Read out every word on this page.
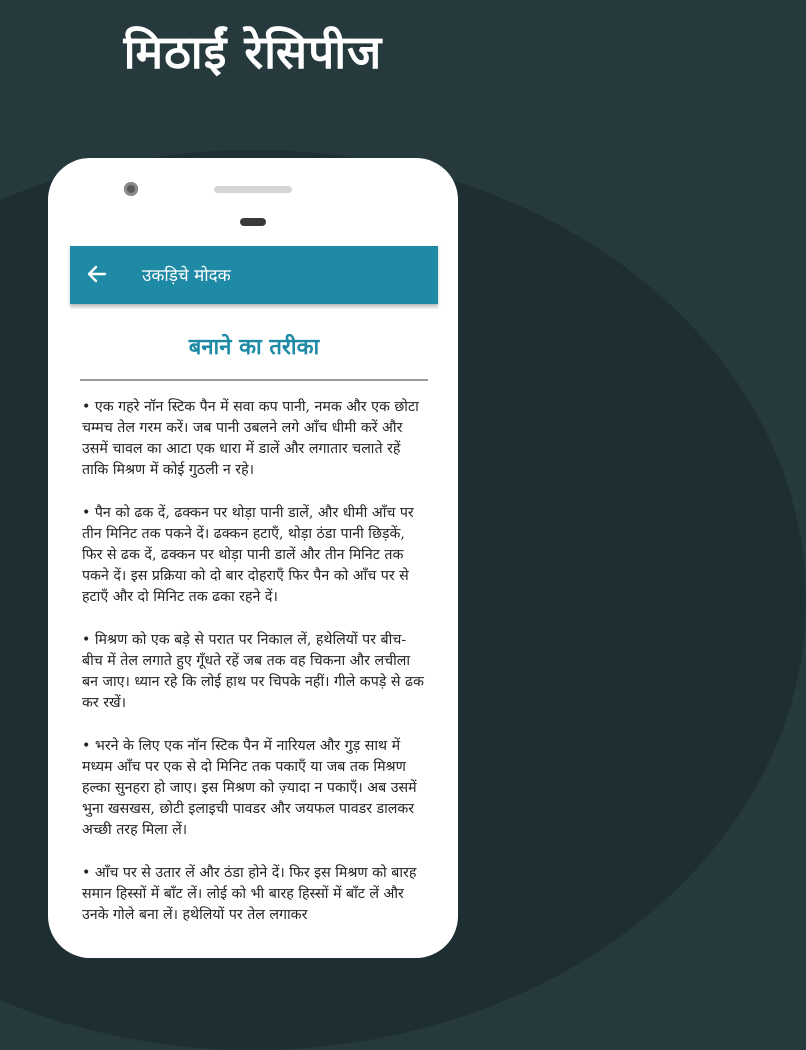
मिठाईं रेसिपीज
उकड़िचे मोदक
बनाने का तरीका

• एक गहरे नॉन स्टिक पैन में सवा कप पानी, नमक और एक छोटा चम्मच तेल गरम करें। जब पानी उबलने लगे आँच धीमी करें और उसमें चावल का आटा एक धारा में डालें और लगातार चलाते रहें ताकि मिश्रण में कोई गुठली न रहे।

• पैन को ढक दें, ढक्कन पर थोड़ा पानी डालें, और धीमी आँच पर तीन मिनिट तक पकने दें। ढक्कन हटाएँ, थोड़ा ठंडा पानी छिड़कें, फिर से ढक दें, ढक्कन पर थोड़ा पानी डालें और तीन मिनिट तक पकने दें। इस प्रक्रिया को दो बार दोहराएँ फिर पैन को आँच पर से हटाएँ और दो मिनिट तक ढका रहने दें।

• मिश्रण को एक बड़े से परात पर निकाल लें, हथेलियों पर बीच-बीच में तेल लगाते हुए गूँधते रहें जब तक वह चिकना और लचीला बन जाए। ध्यान रहे कि लोई हाथ पर चिपके नहीं। गीले कपड़े से ढक कर रखें।

• भरने के लिए एक नॉन स्टिक पैन में नारियल और गुड़ साथ में मध्यम आँच पर एक से दो मिनिट तक पकाएँ या जब तक मिश्रण हल्का सुनहरा हो जाए। इस मिश्रण को ज़्यादा न पकाएँ। अब उसमें भुना खसखस, छोटी इलाइची पावडर और जयफल पावडर डालकर अच्छी तरह मिला लें।

• आँच पर से उतार लें और ठंडा होने दें। फिर इस मिश्रण को बारह समान हिस्सों में बाँट लें। लोई को भी बारह हिस्सों में बाँट लें और उनके गोले बना लें। हथेलियों पर तेल लगाकर
